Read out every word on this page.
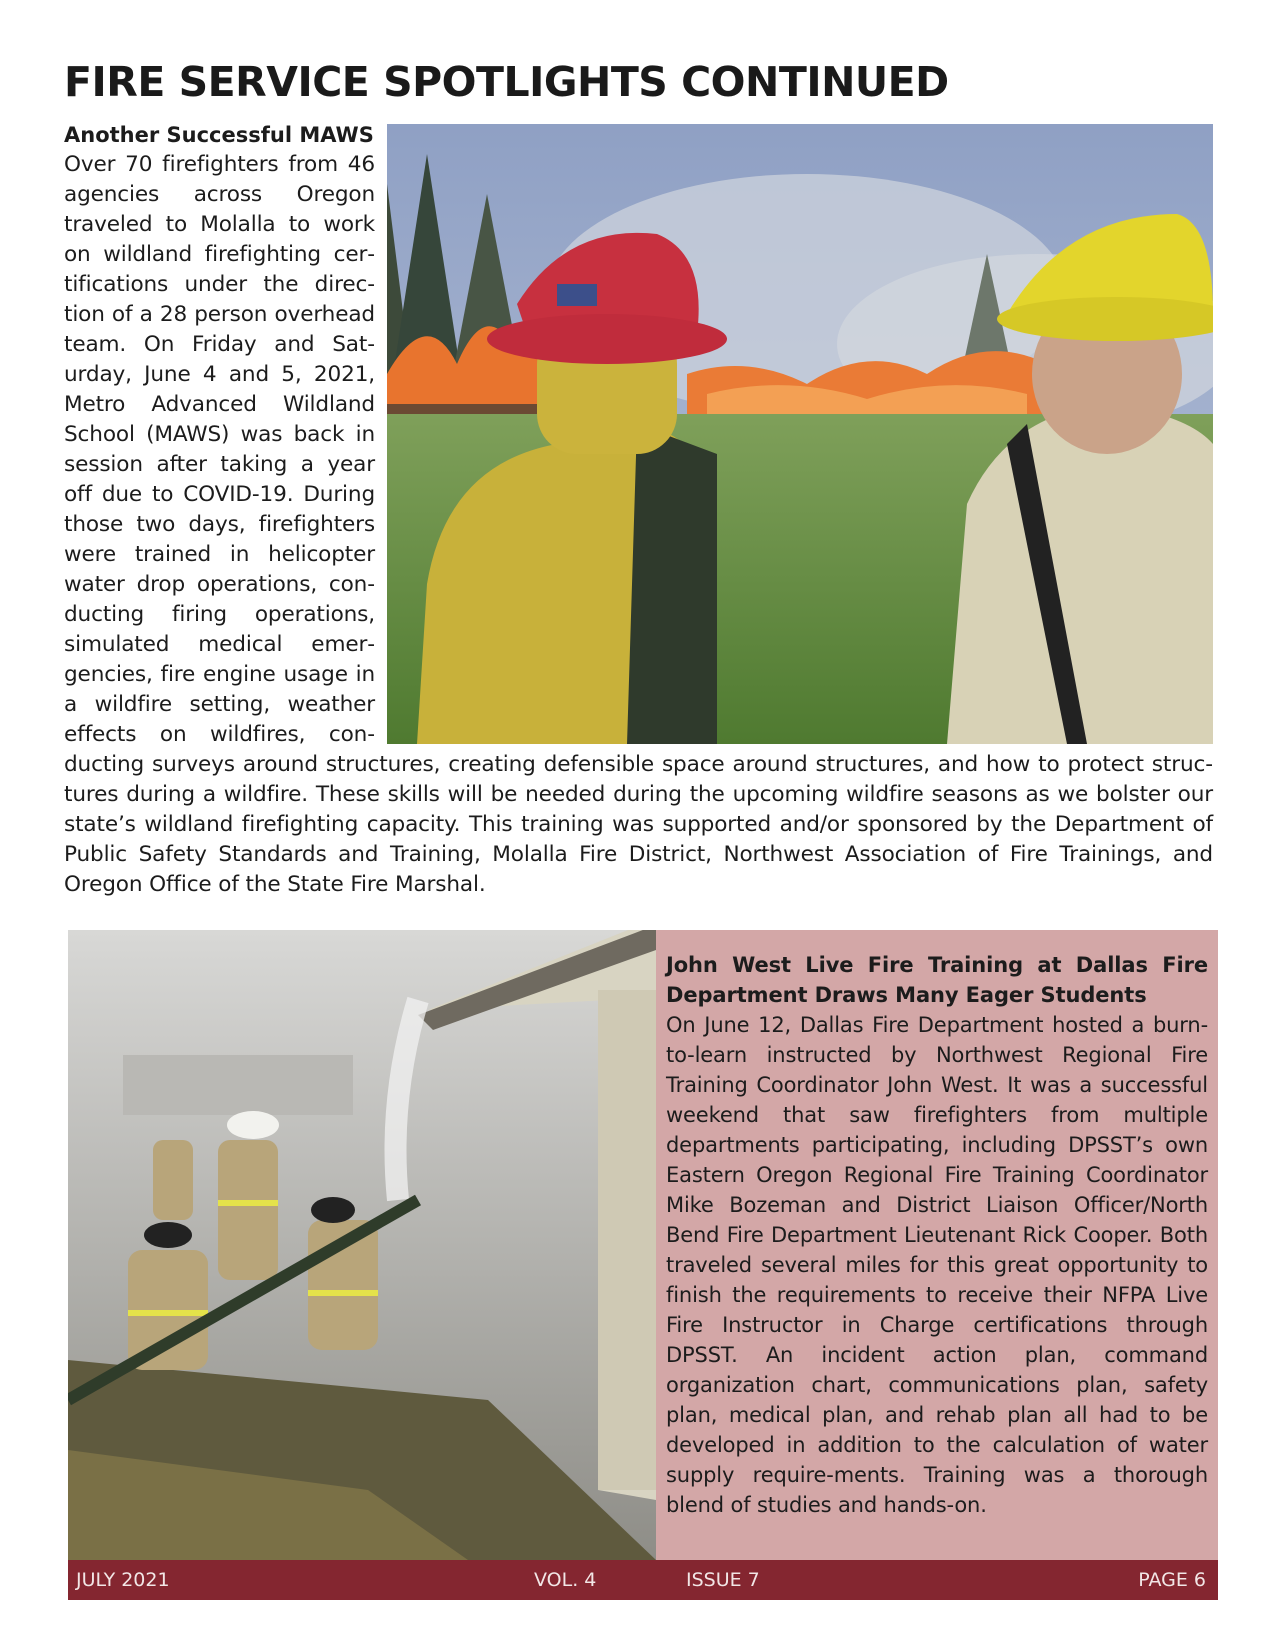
FIRE SERVICE SPOTLIGHTS CONTINUED

Another Successful MAWS

Over 70 firefighters from 46 agencies across Oregon traveled to Molalla to work on wildland firefighting certifications under the direction of a 28 person overhead team. On Friday and Saturday, June 4 and 5, 2021, Metro Advanced Wildland School (MAWS) was back in session after taking a year off due to COVID-19. During those two days, firefighters were trained in helicopter water drop operations, conducting firing operations, simulated medical emergencies, fire engine usage in a wildfire setting, weather effects on wildfires, conducting surveys around structures, creating defensible space around structures, and how to protect structures during a wildfire. These skills will be needed during the upcoming wildfire seasons as we bolster our state’s wildland firefighting capacity. This training was supported and/or sponsored by the Department of Public Safety Standards and Training, Molalla Fire District, Northwest Association of Fire Trainings, and Oregon Office of the State Fire Marshal.

John West Live Fire Training at Dallas Fire Department Draws Many Eager Students

On June 12, Dallas Fire Department hosted a burn-to-learn instructed by Northwest Regional Fire Training Coordinator John West. It was a successful weekend that saw firefighters from multiple departments participating, including DPSST’s own Eastern Oregon Regional Fire Training Coordinator Mike Bozeman and District Liaison Officer/North Bend Fire Department Lieutenant Rick Cooper. Both traveled several miles for this great opportunity to finish the requirements to receive their NFPA Live Fire Instructor in Charge certifications through DPSST. An incident action plan, command organization chart, communications plan, safety plan, medical plan, and rehab plan all had to be developed in addition to the calculation of water supply require-ments. Training was a thorough blend of studies and hands-on.

JULY 2021	VOL. 4	ISSUE 7	PAGE 6
